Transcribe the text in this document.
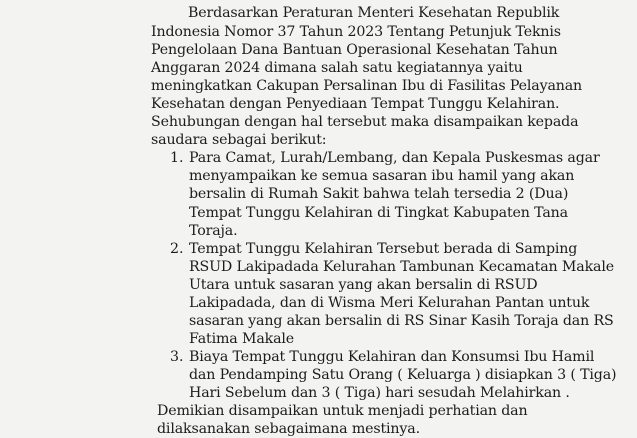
Berdasarkan Peraturan Menteri Kesehatan Republik
Indonesia Nomor 37 Tahun 2023 Tentang Petunjuk Teknis
Pengelolaan Dana Bantuan Operasional Kesehatan Tahun
Anggaran 2024 dimana salah satu kegiatannya yaitu
meningkatkan Cakupan Persalinan Ibu di Fasilitas Pelayanan
Kesehatan dengan Penyediaan Tempat Tunggu Kelahiran.
Sehubungan dengan hal tersebut maka disampaikan kepada
saudara sebagai berikut:
1. Para Camat, Lurah/Lembang, dan Kepala Puskesmas agar
menyampaikan ke semua sasaran ibu hamil yang akan
bersalin di Rumah Sakit bahwa telah tersedia 2 (Dua)
Tempat Tunggu Kelahiran di Tingkat Kabupaten Tana
Toraja.
2. Tempat Tunggu Kelahiran Tersebut berada di Samping
RSUD Lakipadada Kelurahan Tambunan Kecamatan Makale
Utara untuk sasaran yang akan bersalin di RSUD
Lakipadada, dan di Wisma Meri Kelurahan Pantan untuk
sasaran yang akan bersalin di RS Sinar Kasih Toraja dan RS
Fatima Makale
3. Biaya Tempat Tunggu Kelahiran dan Konsumsi Ibu Hamil
dan Pendamping Satu Orang ( Keluarga ) disiapkan 3 ( Tiga)
Hari Sebelum dan 3 ( Tiga) hari sesudah Melahirkan .
Demikian disampaikan untuk menjadi perhatian dan
dilaksanakan sebagaimana mestinya.
